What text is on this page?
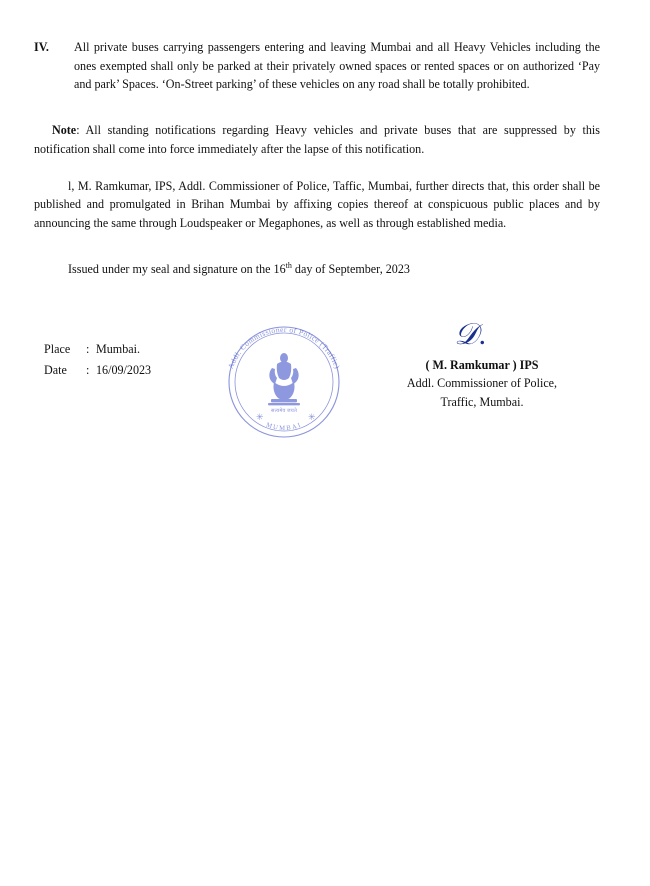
IV.	All private buses carrying passengers entering and leaving Mumbai and all Heavy Vehicles including the ones exempted shall only be parked at their privately owned spaces or rented spaces or on authorized ‘Pay and park’ Spaces. ‘On-Street parking’ of these vehicles on any road shall be totally prohibited.

Note: All standing notifications regarding Heavy vehicles and private buses that are suppressed by this notification shall come into force immediately after the lapse of this notification.

l, M. Ramkumar, IPS, Addl. Commissioner of Police, Taffic, Mumbai, further directs that, this order shall be published and promulgated in Brihan Mumbai by affixing copies thereof at conspicuous public places and by announcing the same through Loudspeaker or Megaphones, as well as through established media.

Issued under my seal and signature on the 16th day of September, 2023

Place	: Mumbai.
Date	: 16/09/2023	Addl. Commissioner of Police (Traffic)
MUMBAI
सत्यमेव जयते
✳	✳
𝒟.
( M. Ramkumar ) IPS
Addl. Commissioner of Police,
Traffic, Mumbai.
